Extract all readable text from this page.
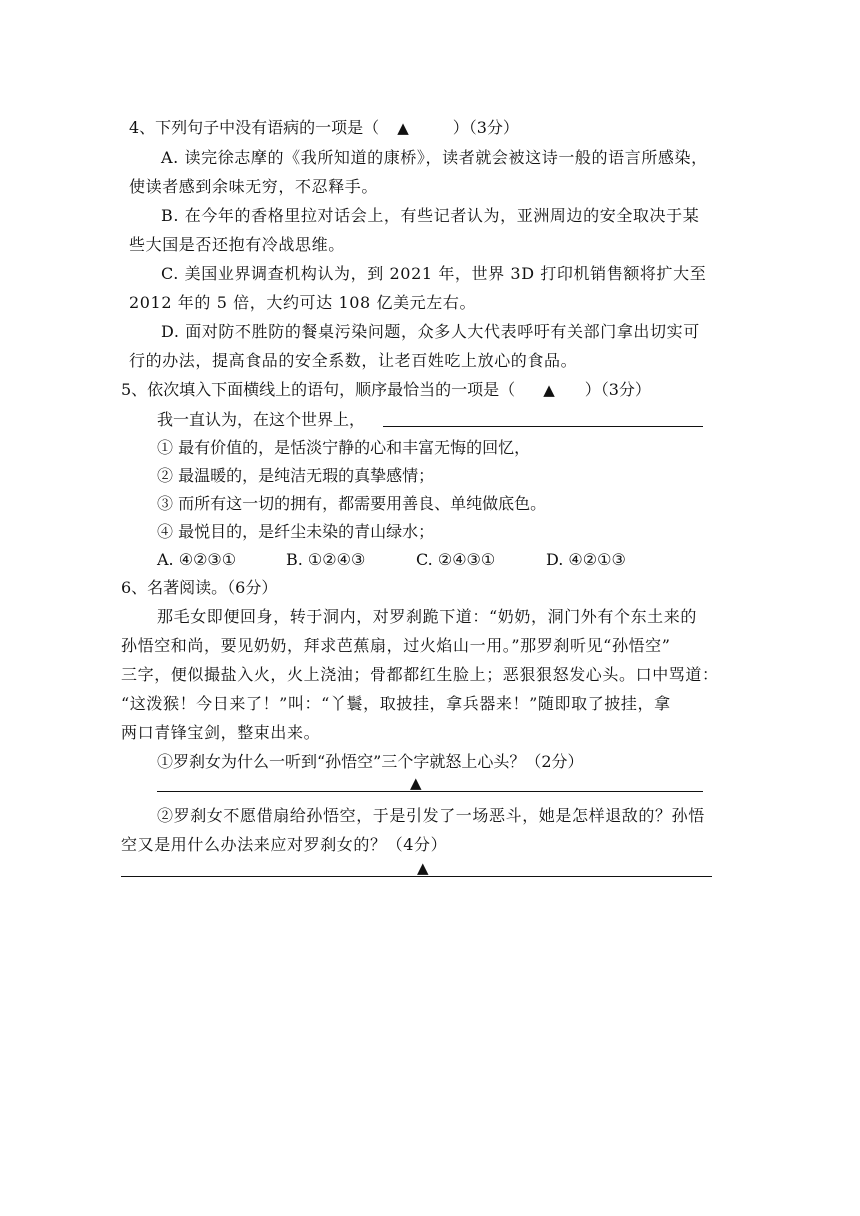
4、下列句子中没有语病的一项是（ ▲	）（3分）
A. 读完徐志摩的《我所知道的康桥》，读者就会被这诗一般的语言所感染，
使读者感到余味无穷，不忍释手。
B. 在今年的香格里拉对话会上，有些记者认为，亚洲周边的安全取决于某
些大国是否还抱有冷战思维。
C. 美国业界调查机构认为，到 2021 年，世界 3D 打印机销售额将扩大至
2012 年的 5 倍，大约可达 108 亿美元左右。
D. 面对防不胜防的餐桌污染问题，众多人大代表呼吁有关部门拿出切实可
行的办法，提高食品的安全系数，让老百姓吃上放心的食品。
5、依次填入下面横线上的语句，顺序最恰当的一项是（ ▲ ）（3分）
我一直认为，在这个世界上，
① 最有价值的，是恬淡宁静的心和丰富无悔的回忆，
② 最温暖的，是纯洁无瑕的真挚感情；
③ 而所有这一切的拥有，都需要用善良、单纯做底色。
④ 最悦目的，是纤尘未染的青山绿水；
A. ④②③①	B. ①②④③	C. ②④③①	D. ④②①③
6、名著阅读。（6分）
那毛女即便回身，转于洞内，对罗刹跪下道：“奶奶，洞门外有个东土来的
孙悟空和尚，要见奶奶，拜求芭蕉扇，过火焰山一用。”那罗刹听见“孙悟空”
三字，便似撮盐入火，火上浇油；骨都都红生脸上；恶狠狠怒发心头。口中骂道：
“这泼猴！今日来了！”叫：“丫鬟，取披挂，拿兵器来！”随即取了披挂，拿
两口青锋宝剑，整束出来。
①罗刹女为什么一听到“孙悟空”三个字就怒上心头？（2分）
▲
②罗刹女不愿借扇给孙悟空，于是引发了一场恶斗，她是怎样退敌的？孙悟
空又是用什么办法来应对罗刹女的？（4分）
▲
